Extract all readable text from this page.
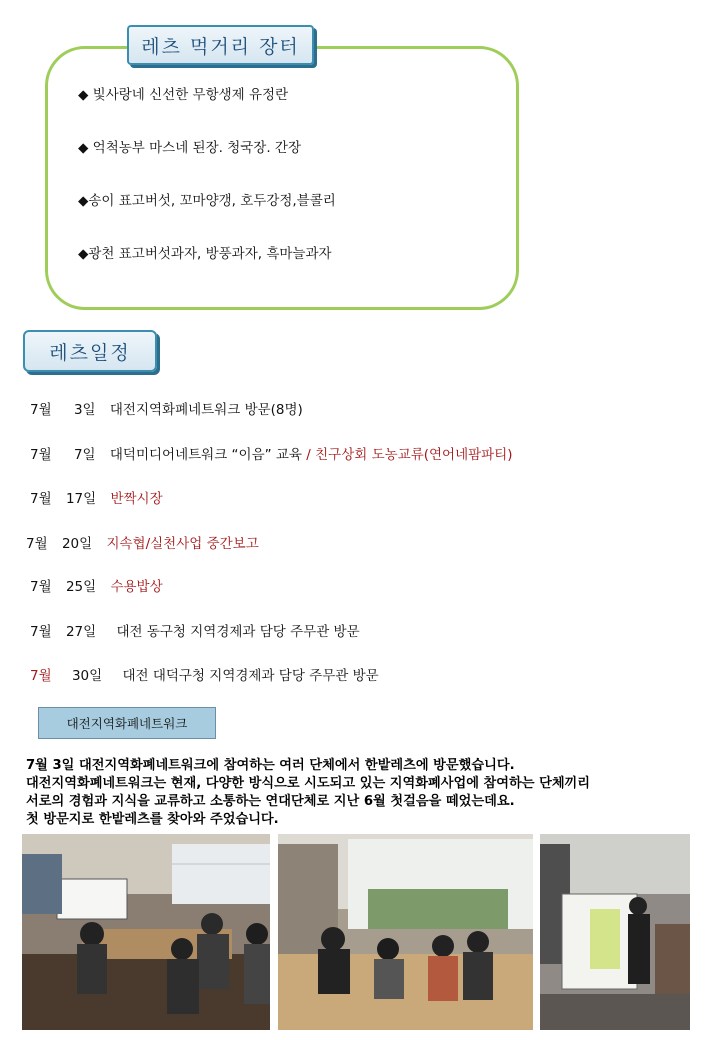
레츠 먹거리 장터
◆ 빛사랑네 신선한 무항생제 유정란
◆ 억척농부 마스네 된장. 청국장. 간장
◆송이 표고버섯, 꼬마양갱, 호두강정,블콜리
◆광천 표고버섯과자, 방풍과자, 흑마늘과자
레츠일정
7월 3일 대전지역화폐네트워크 방문(8명)
7월 7일 대덕미디어네트워크 “이음” 교육 / 친구상회 도농교류(연어네팜파티)
7월 17일 반짝시장
7월 20일 지속협/실천사업 중간보고
7월 25일 수용밥상
7월 27일 대전 동구청 지역경제과 담당 주무관 방문
7월 30일 대전 대덕구청 지역경제과 담당 주무관 방문
대전지역화폐네트워크

7월 3일 대전지역화폐네트워크에 참여하는 여러 단체에서 한밭레츠에 방문했습니다.
대전지역화폐네트워크는 현재, 다양한 방식으로 시도되고 있는 지역화폐사업에 참여하는 단체끼리
서로의 경험과 지식을 교류하고 소통하는 연대단체로 지난 6월 첫걸음을 떼었는데요.
첫 방문지로 한밭레츠를 찾아와 주었습니다.
